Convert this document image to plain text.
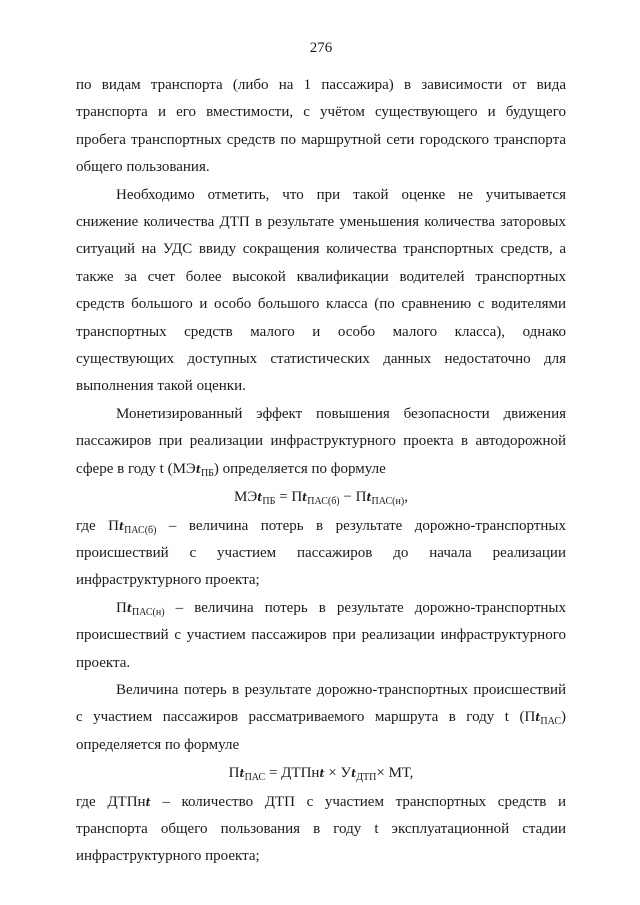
276

по видам транспорта (либо на 1 пассажира) в зависимости от вида транспорта и его вместимости, с учётом существующего и будущего пробега транспортных средств по маршрутной сети городского транспорта общего пользования.

Необходимо отметить, что при такой оценке не учитывается снижение количества ДТП в результате уменьшения количества заторовых ситуаций на УДС ввиду сокращения количества транспортных средств, а также за счет более высокой квалификации водителей транспортных средств большого и особо большого класса (по сравнению с водителями транспортных средств малого и особо малого класса), однако существующих доступных статистических данных недостаточно для выполнения такой оценки.

Монетизированный эффект повышения безопасности движения пассажиров при реализации инфраструктурного проекта в автодорожной сфере в году t (МЭt$_{ПБ}$) определяется по формуле

$МЭt_{ПБ} = Пt_{ПАС(б)} - Пt_{ПАС(н)}$,

где $Пt_{ПАС(б)}$ – величина потерь в результате дорожно-транспортных происшествий с участием пассажиров до начала реализации инфраструктурного проекта;

$Пt_{ПАС(н)}$ – величина потерь в результате дорожно-транспортных происшествий с участием пассажиров при реализации инфраструктурного проекта.

Величина потерь в результате дорожно-транспортных происшествий с участием пассажиров рассматриваемого маршрута в году t $(Пt_{ПАС})$ определяется по формуле

$Пt_{ПАС}$ = ДТПнt × $Уt_{ДТП}\times$ МТ,

где ДТПнt – количество ДТП с участием транспортных средств и транспорта общего пользования в году t эксплуатационной стадии инфраструктурного проекта;
